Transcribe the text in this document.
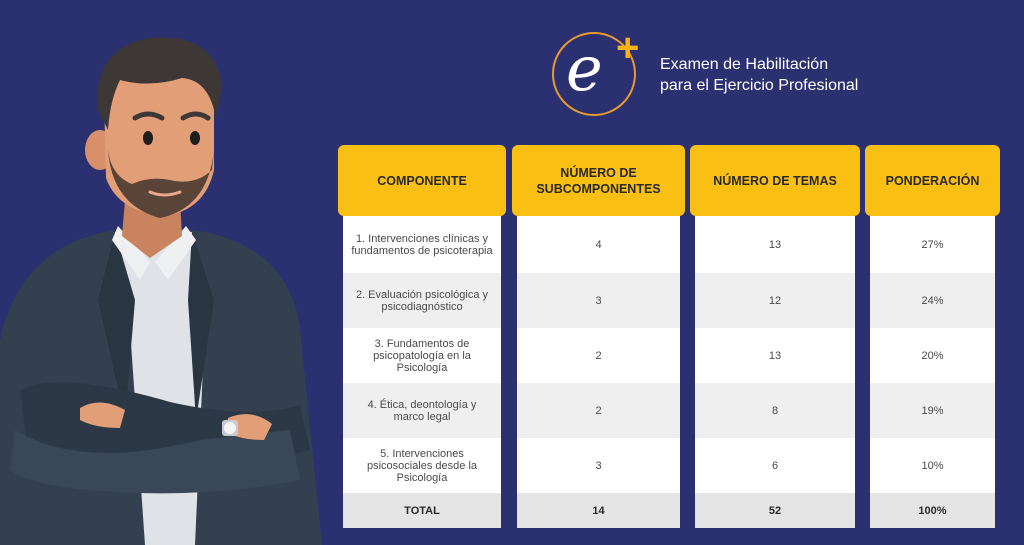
e + Examen de Habilitación
para el Ejercicio Profesional
COMPONENTE
1. Intervenciones clínicas y fundamentos de psicoterapia
2. Evaluación psicológica y psicodiagnóstico
3. Fundamentos de psicopatología en la Psicología
4. Ética, deontología y marco legal
5. Intervenciones psicosociales desde la Psicología
TOTAL
NÚMERO DE SUBCOMPONENTES
4
3
2
2
3
14
NÚMERO DE TEMAS
13
12
13
8
6
52
PONDERACIÓN
27%
24%
20%
19%
10%
100%
